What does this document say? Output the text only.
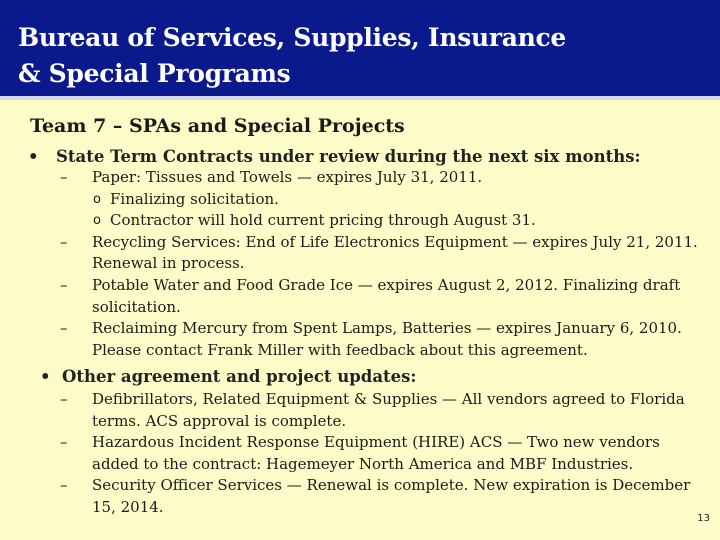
Bureau of Services, Supplies, Insurance
& Special Programs
Team 7 – SPAs and Special Projects
• State Term Contracts under review during the next six months:
– Paper: Tissues and Towels — expires July 31, 2011.
o Finalizing solicitation.
o Contractor will hold current pricing through August 31.
– Recycling Services: End of Life Electronics Equipment — expires July 21, 2011. Renewal in process.
– Potable Water and Food Grade Ice — expires August 2, 2012. Finalizing draft solicitation.
– Reclaiming Mercury from Spent Lamps, Batteries — expires January 6, 2010. Please contact Frank Miller with feedback about this agreement.
• Other agreement and project updates:
– Defibrillators, Related Equipment & Supplies — All vendors agreed to Florida terms. ACS approval is complete.
– Hazardous Incident Response Equipment (HIRE) ACS — Two new vendors added to the contract: Hagemeyer North America and MBF Industries.
– Security Officer Services — Renewal is complete. New expiration is December 15, 2014.
13
